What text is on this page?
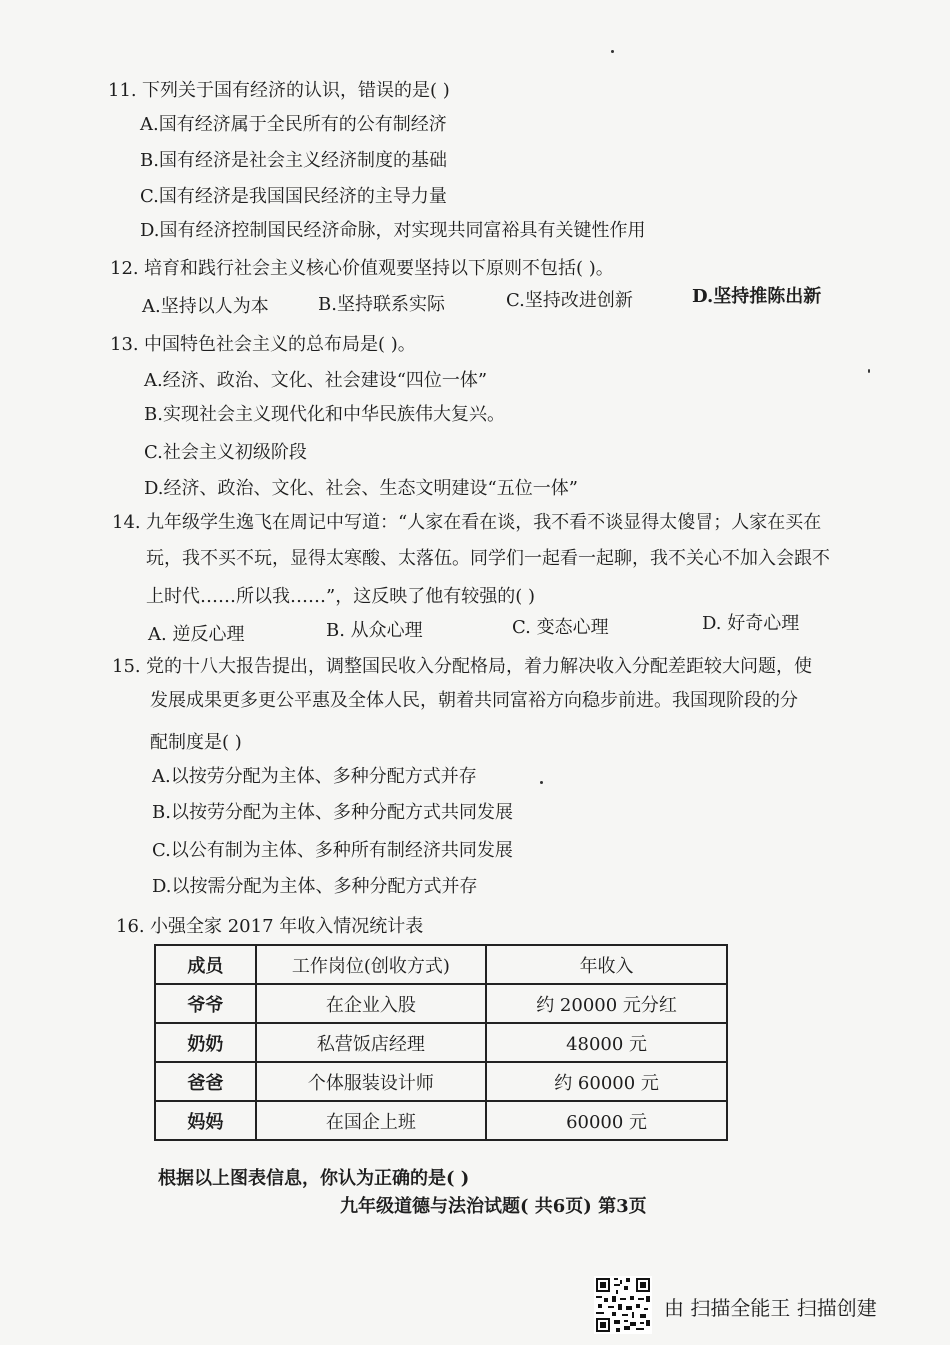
11. 下列关于国有经济的认识，错误的是( )
A.国有经济属于全民所有的公有制经济
B.国有经济是社会主义经济制度的基础
C.国有经济是我国国民经济的主导力量
D.国有经济控制国民经济命脉，对实现共同富裕具有关键性作用
12. 培育和践行社会主义核心价值观要坚持以下原则不包括( )。
A.坚持以人为本	B.坚持联系实际	C.坚持改进创新	D.坚持推陈出新
13. 中国特色社会主义的总布局是( )。
A.经济、政治、文化、社会建设“四位一体”
B.实现社会主义现代化和中华民族伟大复兴。
C.社会主义初级阶段
D.经济、政治、文化、社会、生态文明建设“五位一体”
14. 九年级学生逸飞在周记中写道：“人家在看在谈，我不看不谈显得太傻冒；人家在买在
玩，我不买不玩，显得太寒酸、太落伍。同学们一起看一起聊，我不关心不加入会跟不
上时代……所以我……”，这反映了他有较强的( )
A. 逆反心理	B. 从众心理	C. 变态心理	D. 好奇心理
15. 党的十八大报告提出，调整国民收入分配格局，着力解决收入分配差距较大问题，使
发展成果更多更公平惠及全体人民，朝着共同富裕方向稳步前进。我国现阶段的分
配制度是( )
A.以按劳分配为主体、多种分配方式并存
B.以按劳分配为主体、多种分配方式共同发展
C.以公有制为主体、多种所有制经济共同发展
D.以按需分配为主体、多种分配方式并存
16. 小强全家 2017 年收入情况统计表
成员	工作岗位(创收方式)	年收入
爷爷	在企业入股	约 20000 元分红
奶奶	私营饭店经理	48000 元
爸爸	个体服装设计师	约 60000 元
妈妈	在国企上班	60000 元
根据以上图表信息，你认为正确的是( )
九年级道德与法治试题( 共6页) 第3页
由 扫描全能王 扫描创建
